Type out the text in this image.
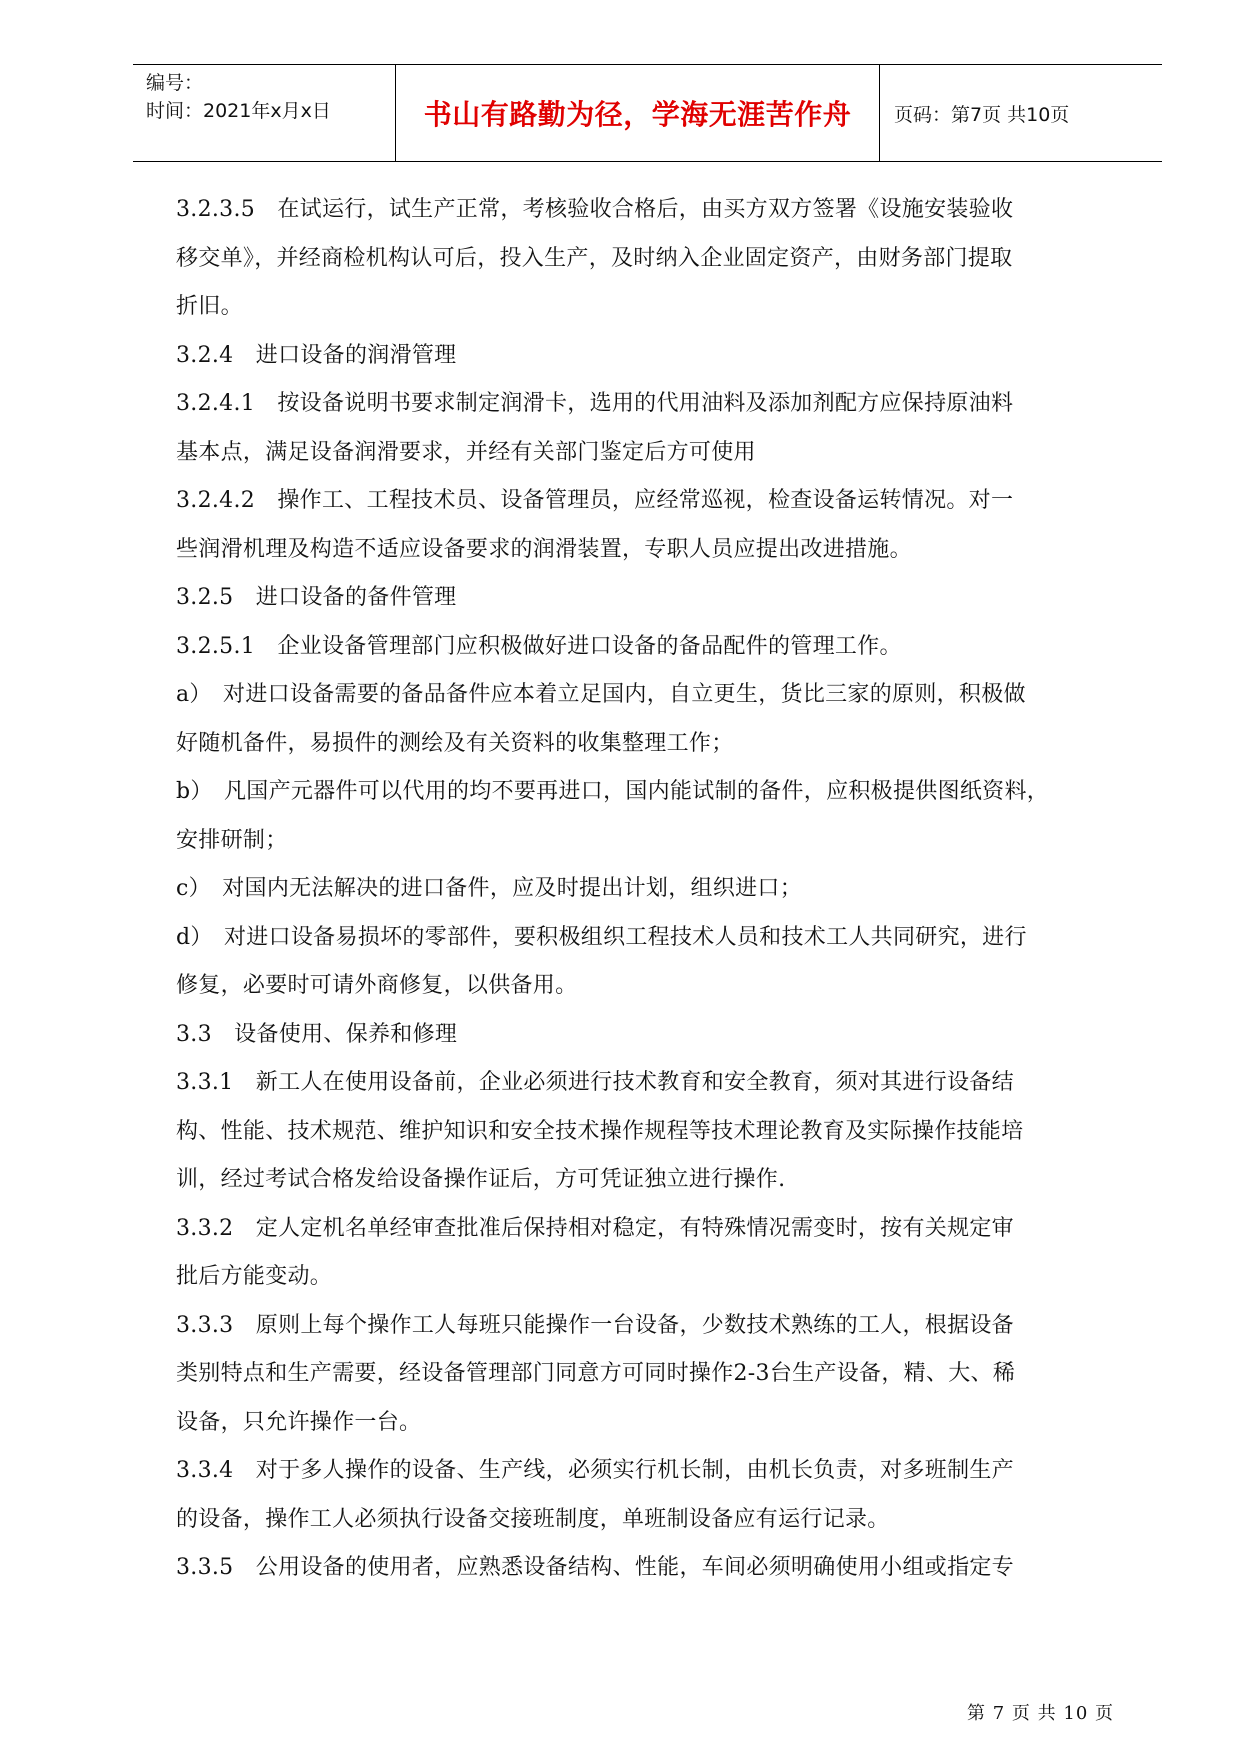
编号：
时间：2021年x月x日	书山有路勤为径，学海无涯苦作舟	页码：第7页 共10页
3.2.3.5　在试运行，试生产正常，考核验收合格后，由买方双方签署《设施安装验收
移交单》，并经商检机构认可后，投入生产，及时纳入企业固定资产，由财务部门提取
折旧。
3.2.4　进口设备的润滑管理
3.2.4.1　按设备说明书要求制定润滑卡，选用的代用油料及添加剂配方应保持原油料
基本点，满足设备润滑要求，并经有关部门鉴定后方可使用
3.2.4.2　操作工、工程技术员、设备管理员，应经常巡视，检查设备运转情况。对一
些润滑机理及构造不适应设备要求的润滑装置，专职人员应提出改进措施。
3.2.5　进口设备的备件管理
3.2.5.1　企业设备管理部门应积极做好进口设备的备品配件的管理工作。
a）　对进口设备需要的备品备件应本着立足国内，自立更生，货比三家的原则，积极做
好随机备件，易损件的测绘及有关资料的收集整理工作；
b）　凡国产元器件可以代用的均不要再进口，国内能试制的备件，应积极提供图纸资料，
安排研制；
c）　对国内无法解决的进口备件，应及时提出计划，组织进口；
d）　对进口设备易损坏的零部件，要积极组织工程技术人员和技术工人共同研究，进行
修复，必要时可请外商修复，以供备用。
3.3　设备使用、保养和修理
3.3.1　新工人在使用设备前，企业必须进行技术教育和安全教育，须对其进行设备结
构、性能、技术规范、维护知识和安全技术操作规程等技术理论教育及实际操作技能培
训，经过考试合格发给设备操作证后，方可凭证独立进行操作.
3.3.2　定人定机名单经审查批准后保持相对稳定，有特殊情况需变时，按有关规定审
批后方能变动。
3.3.3　原则上每个操作工人每班只能操作一台设备，少数技术熟练的工人，根据设备
类别特点和生产需要，经设备管理部门同意方可同时操作2-3台生产设备，精、大、稀
设备，只允许操作一台。
3.3.4　对于多人操作的设备、生产线，必须实行机长制，由机长负责，对多班制生产
的设备，操作工人必须执行设备交接班制度，单班制设备应有运行记录。
3.3.5　公用设备的使用者，应熟悉设备结构、性能，车间必须明确使用小组或指定专
第 7 页 共 10 页
